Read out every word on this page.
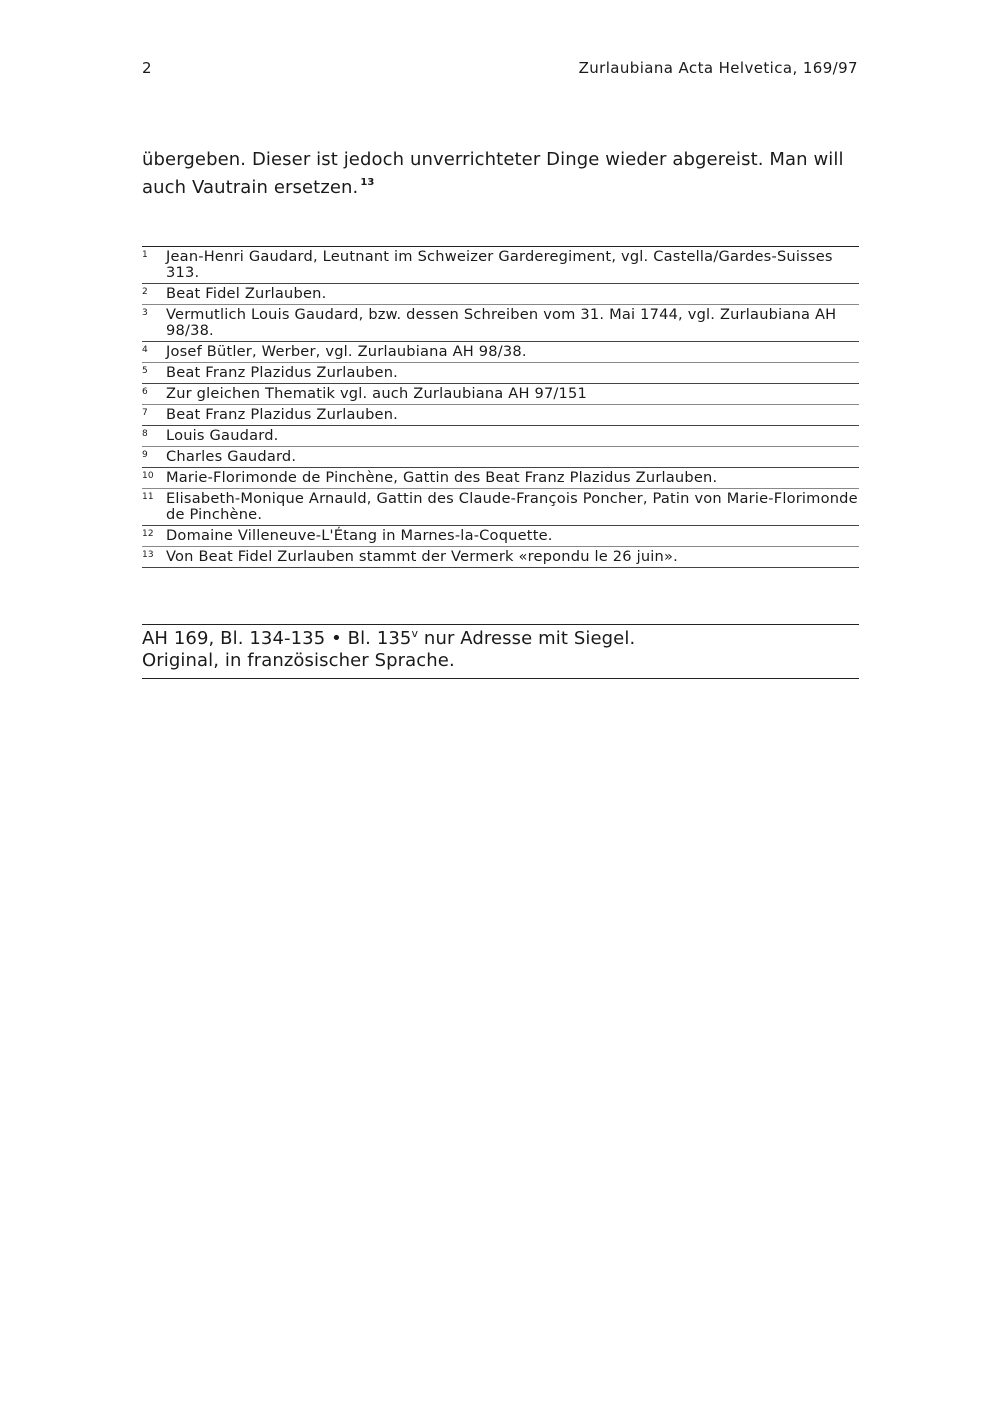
2	Zurlaubiana Acta Helvetica, 169/97
übergeben. Dieser ist jedoch unverrichteter Dinge wieder abgereist. Man will
auch Vautrain ersetzen. $^{13}$
1 Jean-Henri Gaudard, Leutnant im Schweizer Garderegiment, vgl. Castella/Gardes-Suisses 313.
2 Beat Fidel Zurlauben.
3 Vermutlich Louis Gaudard, bzw. dessen Schreiben vom 31. Mai 1744, vgl. Zurlaubiana AH 98/38.
4 Josef Bütler, Werber, vgl. Zurlaubiana AH 98/38.
5 Beat Franz Plazidus Zurlauben.
6 Zur gleichen Thematik vgl. auch Zurlaubiana AH 97/151
7 Beat Franz Plazidus Zurlauben.
8 Louis Gaudard.
9 Charles Gaudard.
10 Marie-Florimonde de Pinchène, Gattin des Beat Franz Plazidus Zurlauben.
11 Elisabeth-Monique Arnauld, Gattin des Claude-François Poncher, Patin von Marie-Florimonde de Pinchène.
12 Domaine Villeneuve-L'Étang in Marnes-la-Coquette.
13 Von Beat Fidel Zurlauben stammt der Vermerk «repondu le 26 juin».
AH 169, Bl. 134-135 • Bl. 135$^v$ nur Adresse mit Siegel.
Original, in französischer Sprache.
